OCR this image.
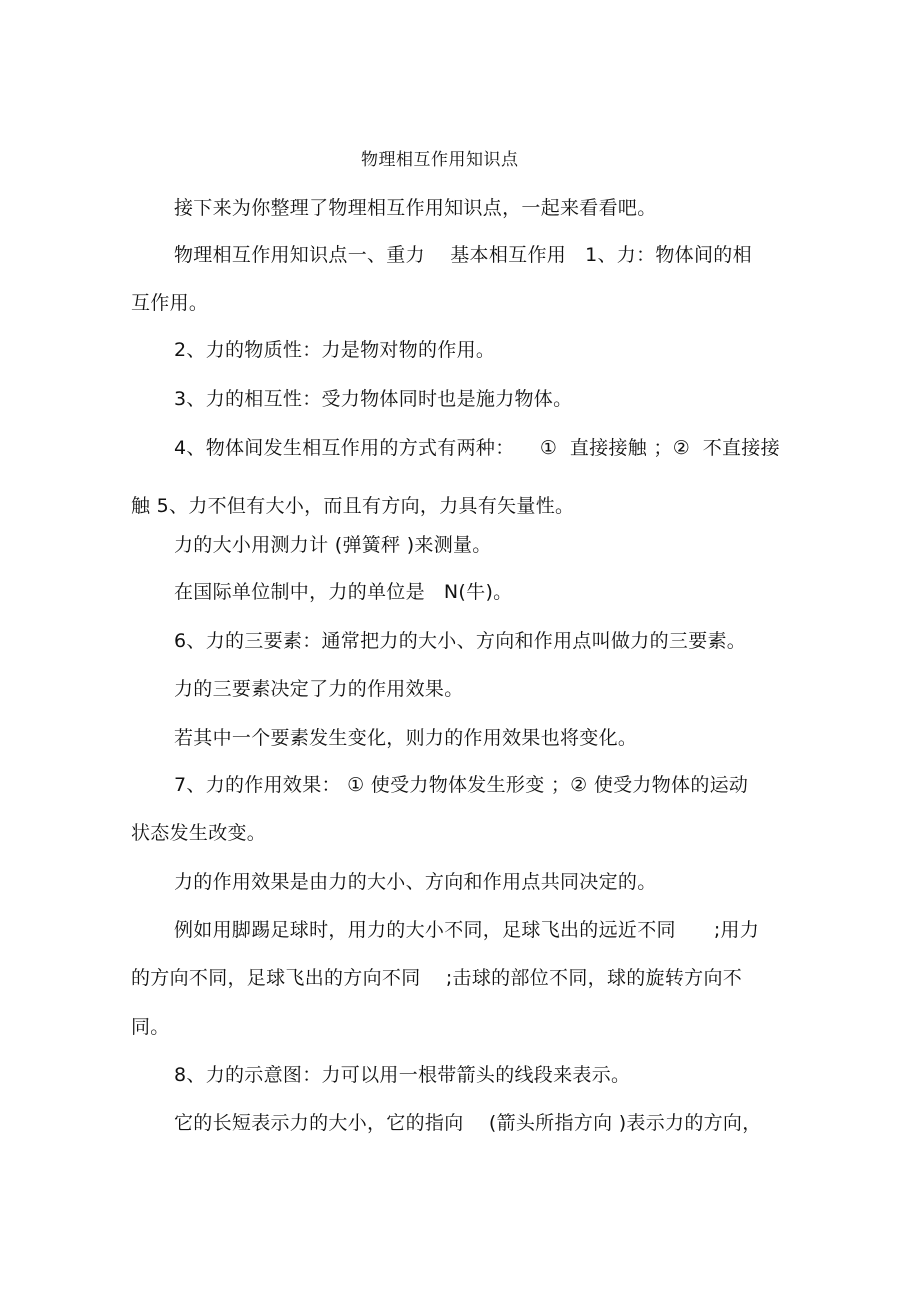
物理相互作用知识点
接下来为你整理了物理相互作用知识点，一起来看看吧。
物理相互作用知识点一、重力    基本相互作用   1、力：物体间的相
互作用。
2、力的物质性：力是物对物的作用。
3、力的相互性：受力物体同时也是施力物体。
4、物体间发生相互作用的方式有两种：    ①  直接接触 ；②  不直接接
触 5、力不但有大小，而且有方向，力具有矢量性。
力的大小用测力计 (弹簧秤 )来测量。
在国际单位制中，力的单位是   N(牛)。
6、力的三要素：通常把力的大小、方向和作用点叫做力的三要素。
力的三要素决定了力的作用效果。
若其中一个要素发生变化，则力的作用效果也将变化。
7、力的作用效果： ① 使受力物体发生形变 ；② 使受力物体的运动
状态发生改变。
力的作用效果是由力的大小、方向和作用点共同决定的。
例如用脚踢足球时，用力的大小不同，足球飞出的远近不同      ;用力
的方向不同，足球飞出的方向不同    ;击球的部位不同，球的旋转方向不
同。
8、力的示意图：力可以用一根带箭头的线段来表示。
它的长短表示力的大小，它的指向    (箭头所指方向 )表示力的方向，
